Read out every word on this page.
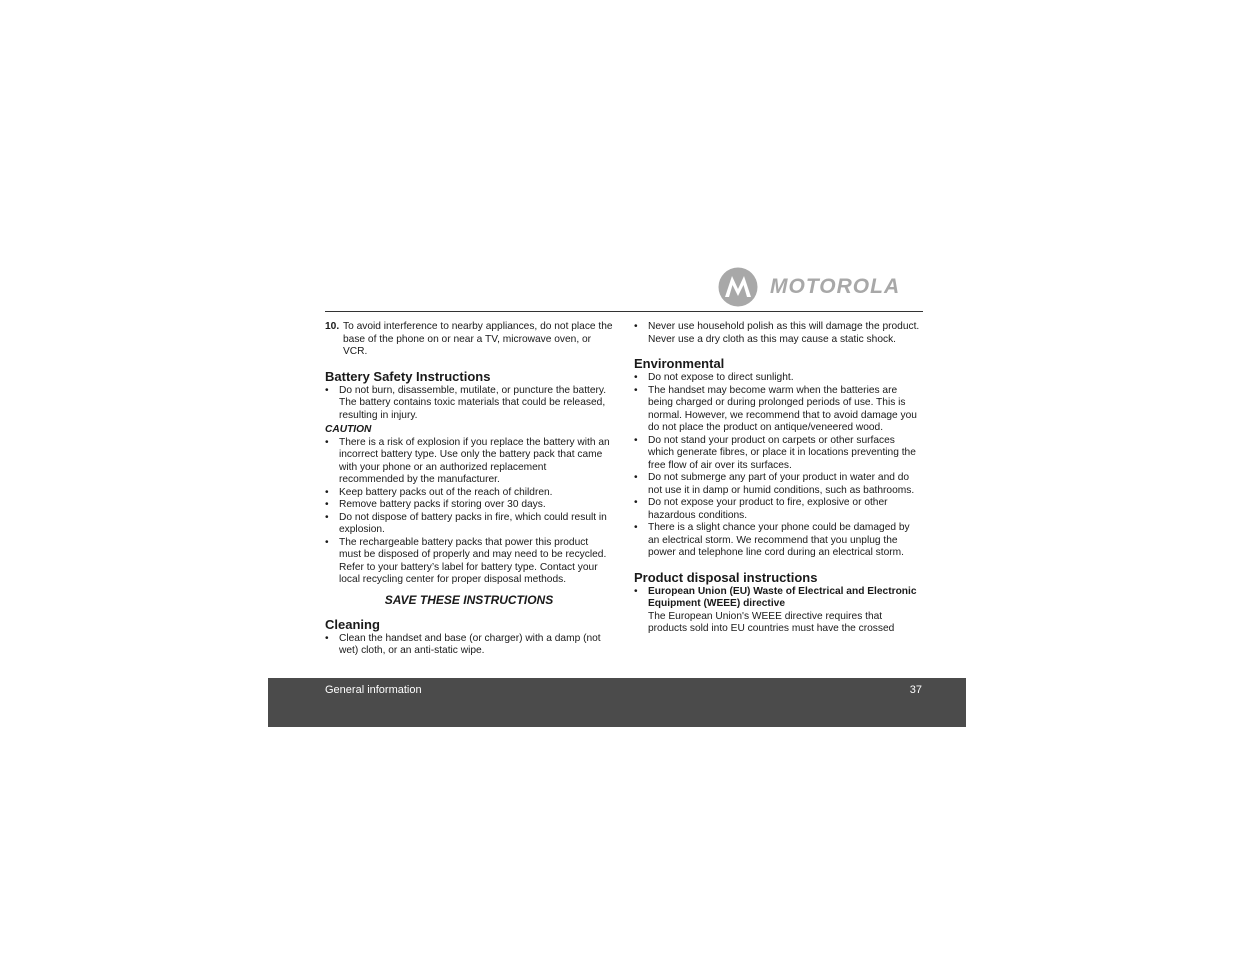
MOTOROLA

10. To avoid interference to nearby appliances, do not place the base of the phone on or near a TV, microwave oven, or VCR.

Battery Safety Instructions
• Do not burn, disassemble, mutilate, or puncture the battery. The battery contains toxic materials that could be released, resulting in injury.

CAUTION

• There is a risk of explosion if you replace the battery with an incorrect battery type. Use only the battery pack that came with your phone or an authorized replacement recommended by the manufacturer.
• Keep battery packs out of the reach of children.
• Remove battery packs if storing over 30 days.
• Do not dispose of battery packs in fire, which could result in explosion.
• The rechargeable battery packs that power this product must be disposed of properly and may need to be recycled. Refer to your battery’s label for battery type. Contact your local recycling center for proper disposal methods.

SAVE THESE INSTRUCTIONS

Cleaning
• Clean the handset and base (or charger) with a damp (not wet) cloth, or an anti-static wipe.
• Never use household polish as this will damage the product. Never use a dry cloth as this may cause a static shock.
Environmental
• Do not expose to direct sunlight.
• The handset may become warm when the batteries are being charged or during prolonged periods of use. This is normal. However, we recommend that to avoid damage you do not place the product on antique/veneered wood.
• Do not stand your product on carpets or other surfaces which generate fibres, or place it in locations preventing the free flow of air over its surfaces.
• Do not submerge any part of your product in water and do not use it in damp or humid conditions, such as bathrooms.
• Do not expose your product to fire, explosive or other hazardous conditions.
• There is a slight chance your phone could be damaged by an electrical storm. We recommend that you unplug the power and telephone line cord during an electrical storm.
Product disposal instructions
• European Union (EU) Waste of Electrical and Electronic Equipment (WEEE) directive
The European Union's WEEE directive requires that products sold into EU countries must have the crossed
General information	37
